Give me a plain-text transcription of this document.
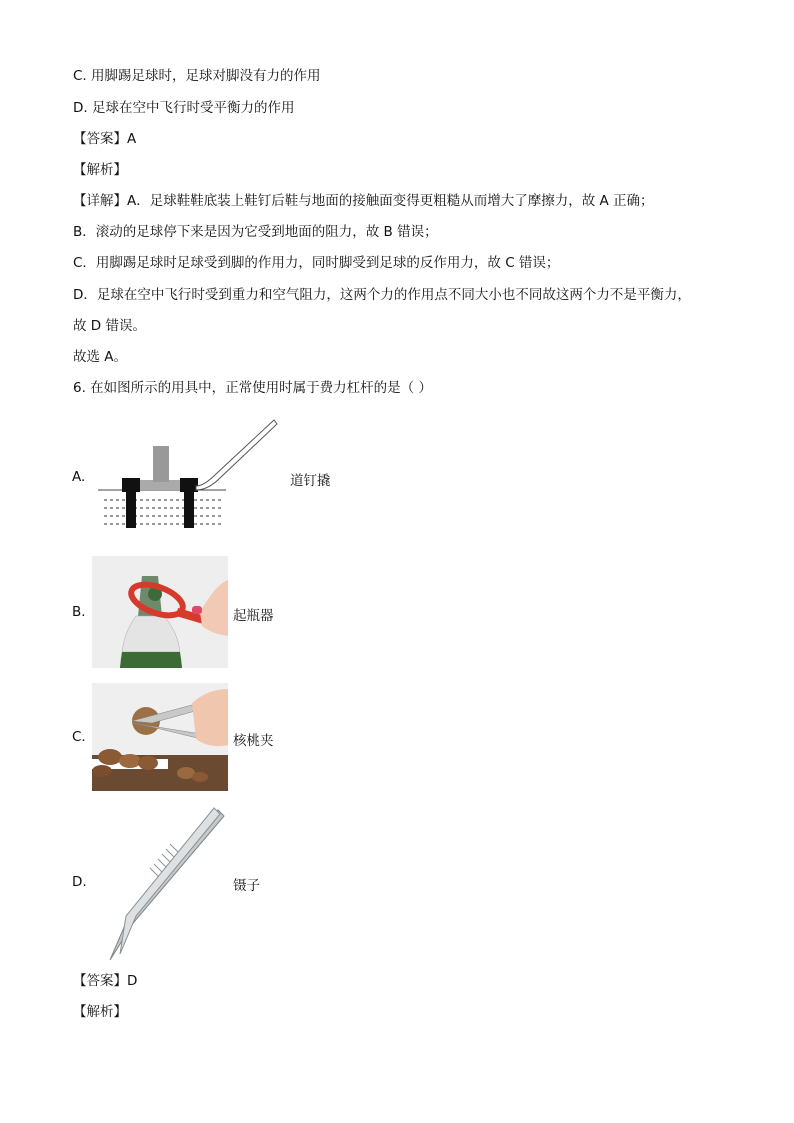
C. 用脚踢足球时，足球对脚没有力的作用
D. 足球在空中飞行时受平衡力的作用
【答案】A
【解析】
【详解】A．足球鞋鞋底装上鞋钉后鞋与地面的接触面变得更粗糙从而增大了摩擦力，故 A 正确；
B．滚动的足球停下来是因为它受到地面的阻力，故 B 错误；
C．用脚踢足球时足球受到脚的作用力，同时脚受到足球的反作用力，故 C 错误；
D．足球在空中飞行时受到重力和空气阻力，这两个力的作用点不同大小也不同故这两个力不是平衡力，
故 D 错误。
故选 A。
6. 在如图所示的用具中，正常使用时属于费力杠杆的是（ ）
A.	道钉撬
B.	起瓶器
C.	核桃夹
D.	镊子
【答案】D
【解析】
